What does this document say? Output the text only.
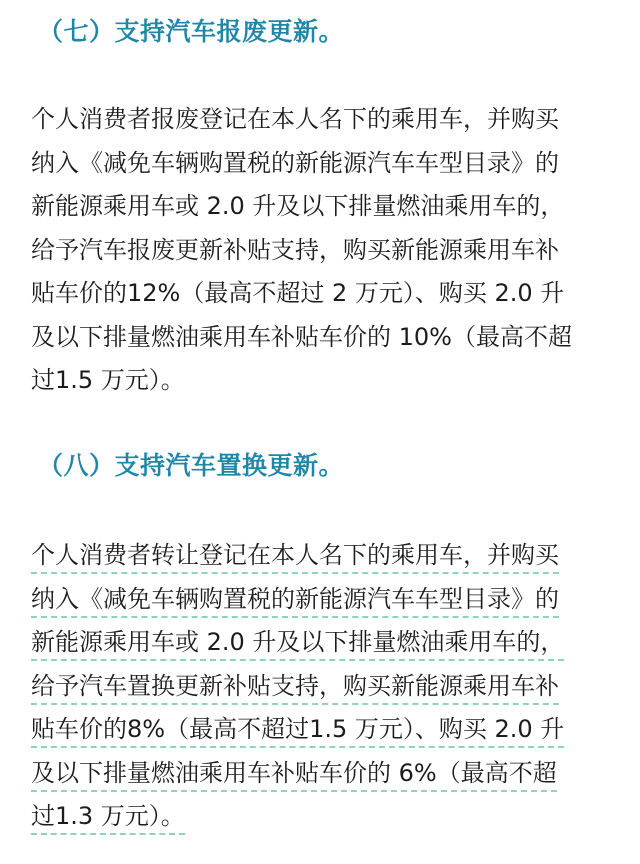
（七）支持汽车报废更新。
个人消费者报废登记在本人名下的乘用车，并购买
纳入《减免车辆购置税的新能源汽车车型目录》的
新能源乘用车或 2.0 升及以下排量燃油乘用车的，
给予汽车报废更新补贴支持，购买新能源乘用车补
贴车价的12%（最高不超过 2 万元）、购买 2.0 升
及以下排量燃油乘用车补贴车价的 10%（最高不超
过1.5 万元）。
（八）支持汽车置换更新。
个人消费者转让登记在本人名下的乘用车，并购买
纳入《减免车辆购置税的新能源汽车车型目录》的
新能源乘用车或 2.0 升及以下排量燃油乘用车的，
给予汽车置换更新补贴支持，购买新能源乘用车补
贴车价的8%（最高不超过1.5 万元）、购买 2.0 升
及以下排量燃油乘用车补贴车价的 6%（最高不超
过1.3 万元）。
